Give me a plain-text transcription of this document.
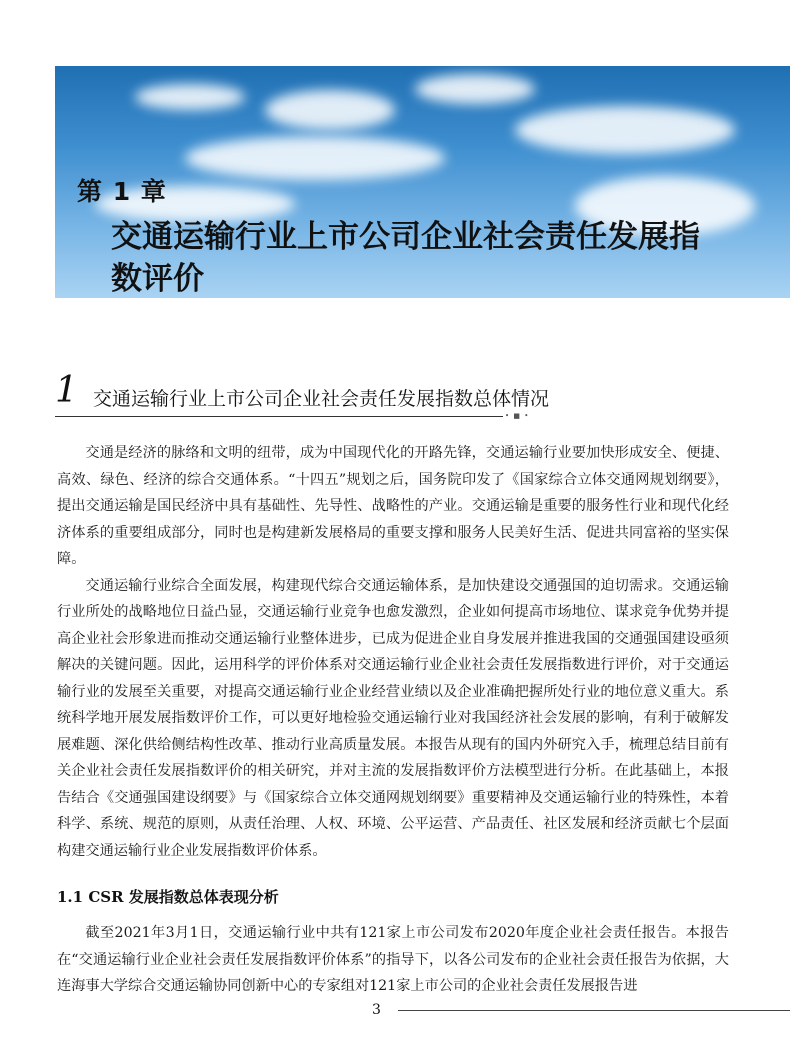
第 1 章
交通运输行业上市公司企业社会责任发展指数评价
1 交通运输行业上市公司企业社会责任发展指数总体情况
• ■ •

交通是经济的脉络和文明的纽带，成为中国现代化的开路先锋，交通运输行业要加快形成安全、便捷、高效、绿色、经济的综合交通体系。“十四五”规划之后，国务院印发了《国家综合立体交通网规划纲要》，提出交通运输是国民经济中具有基础性、先导性、战略性的产业。交通运输是重要的服务性行业和现代化经济体系的重要组成部分，同时也是构建新发展格局的重要支撑和服务人民美好生活、促进共同富裕的坚实保障。

交通运输行业综合全面发展，构建现代综合交通运输体系，是加快建设交通强国的迫切需求。交通运输行业所处的战略地位日益凸显，交通运输行业竞争也愈发激烈，企业如何提高市场地位、谋求竞争优势并提高企业社会形象进而推动交通运输行业整体进步，已成为促进企业自身发展并推进我国的交通强国建设亟须解决的关键问题。因此，运用科学的评价体系对交通运输行业企业社会责任发展指数进行评价，对于交通运输行业的发展至关重要，对提高交通运输行业企业经营业绩以及企业准确把握所处行业的地位意义重大。系统科学地开展发展指数评价工作，可以更好地检验交通运输行业对我国经济社会发展的影响，有利于破解发展难题、深化供给侧结构性改革、推动行业高质量发展。本报告从现有的国内外研究入手，梳理总结目前有关企业社会责任发展指数评价的相关研究，并对主流的发展指数评价方法模型进行分析。在此基础上，本报告结合《交通强国建设纲要》与《国家综合立体交通网规划纲要》重要精神及交通运输行业的特殊性，本着科学、系统、规范的原则，从责任治理、人权、环境、公平运营、产品责任、社区发展和经济贡献七个层面构建交通运输行业企业发展指数评价体系。

1.1 CSR 发展指数总体表现分析

截至2021年3月1日，交通运输行业中共有121家上市公司发布2020年度企业社会责任报告。本报告在“交通运输行业企业社会责任发展指数评价体系”的指导下，以各公司发布的企业社会责任报告为依据，大连海事大学综合交通运输协同创新中心的专家组对121家上市公司的企业社会责任发展报告进

3
